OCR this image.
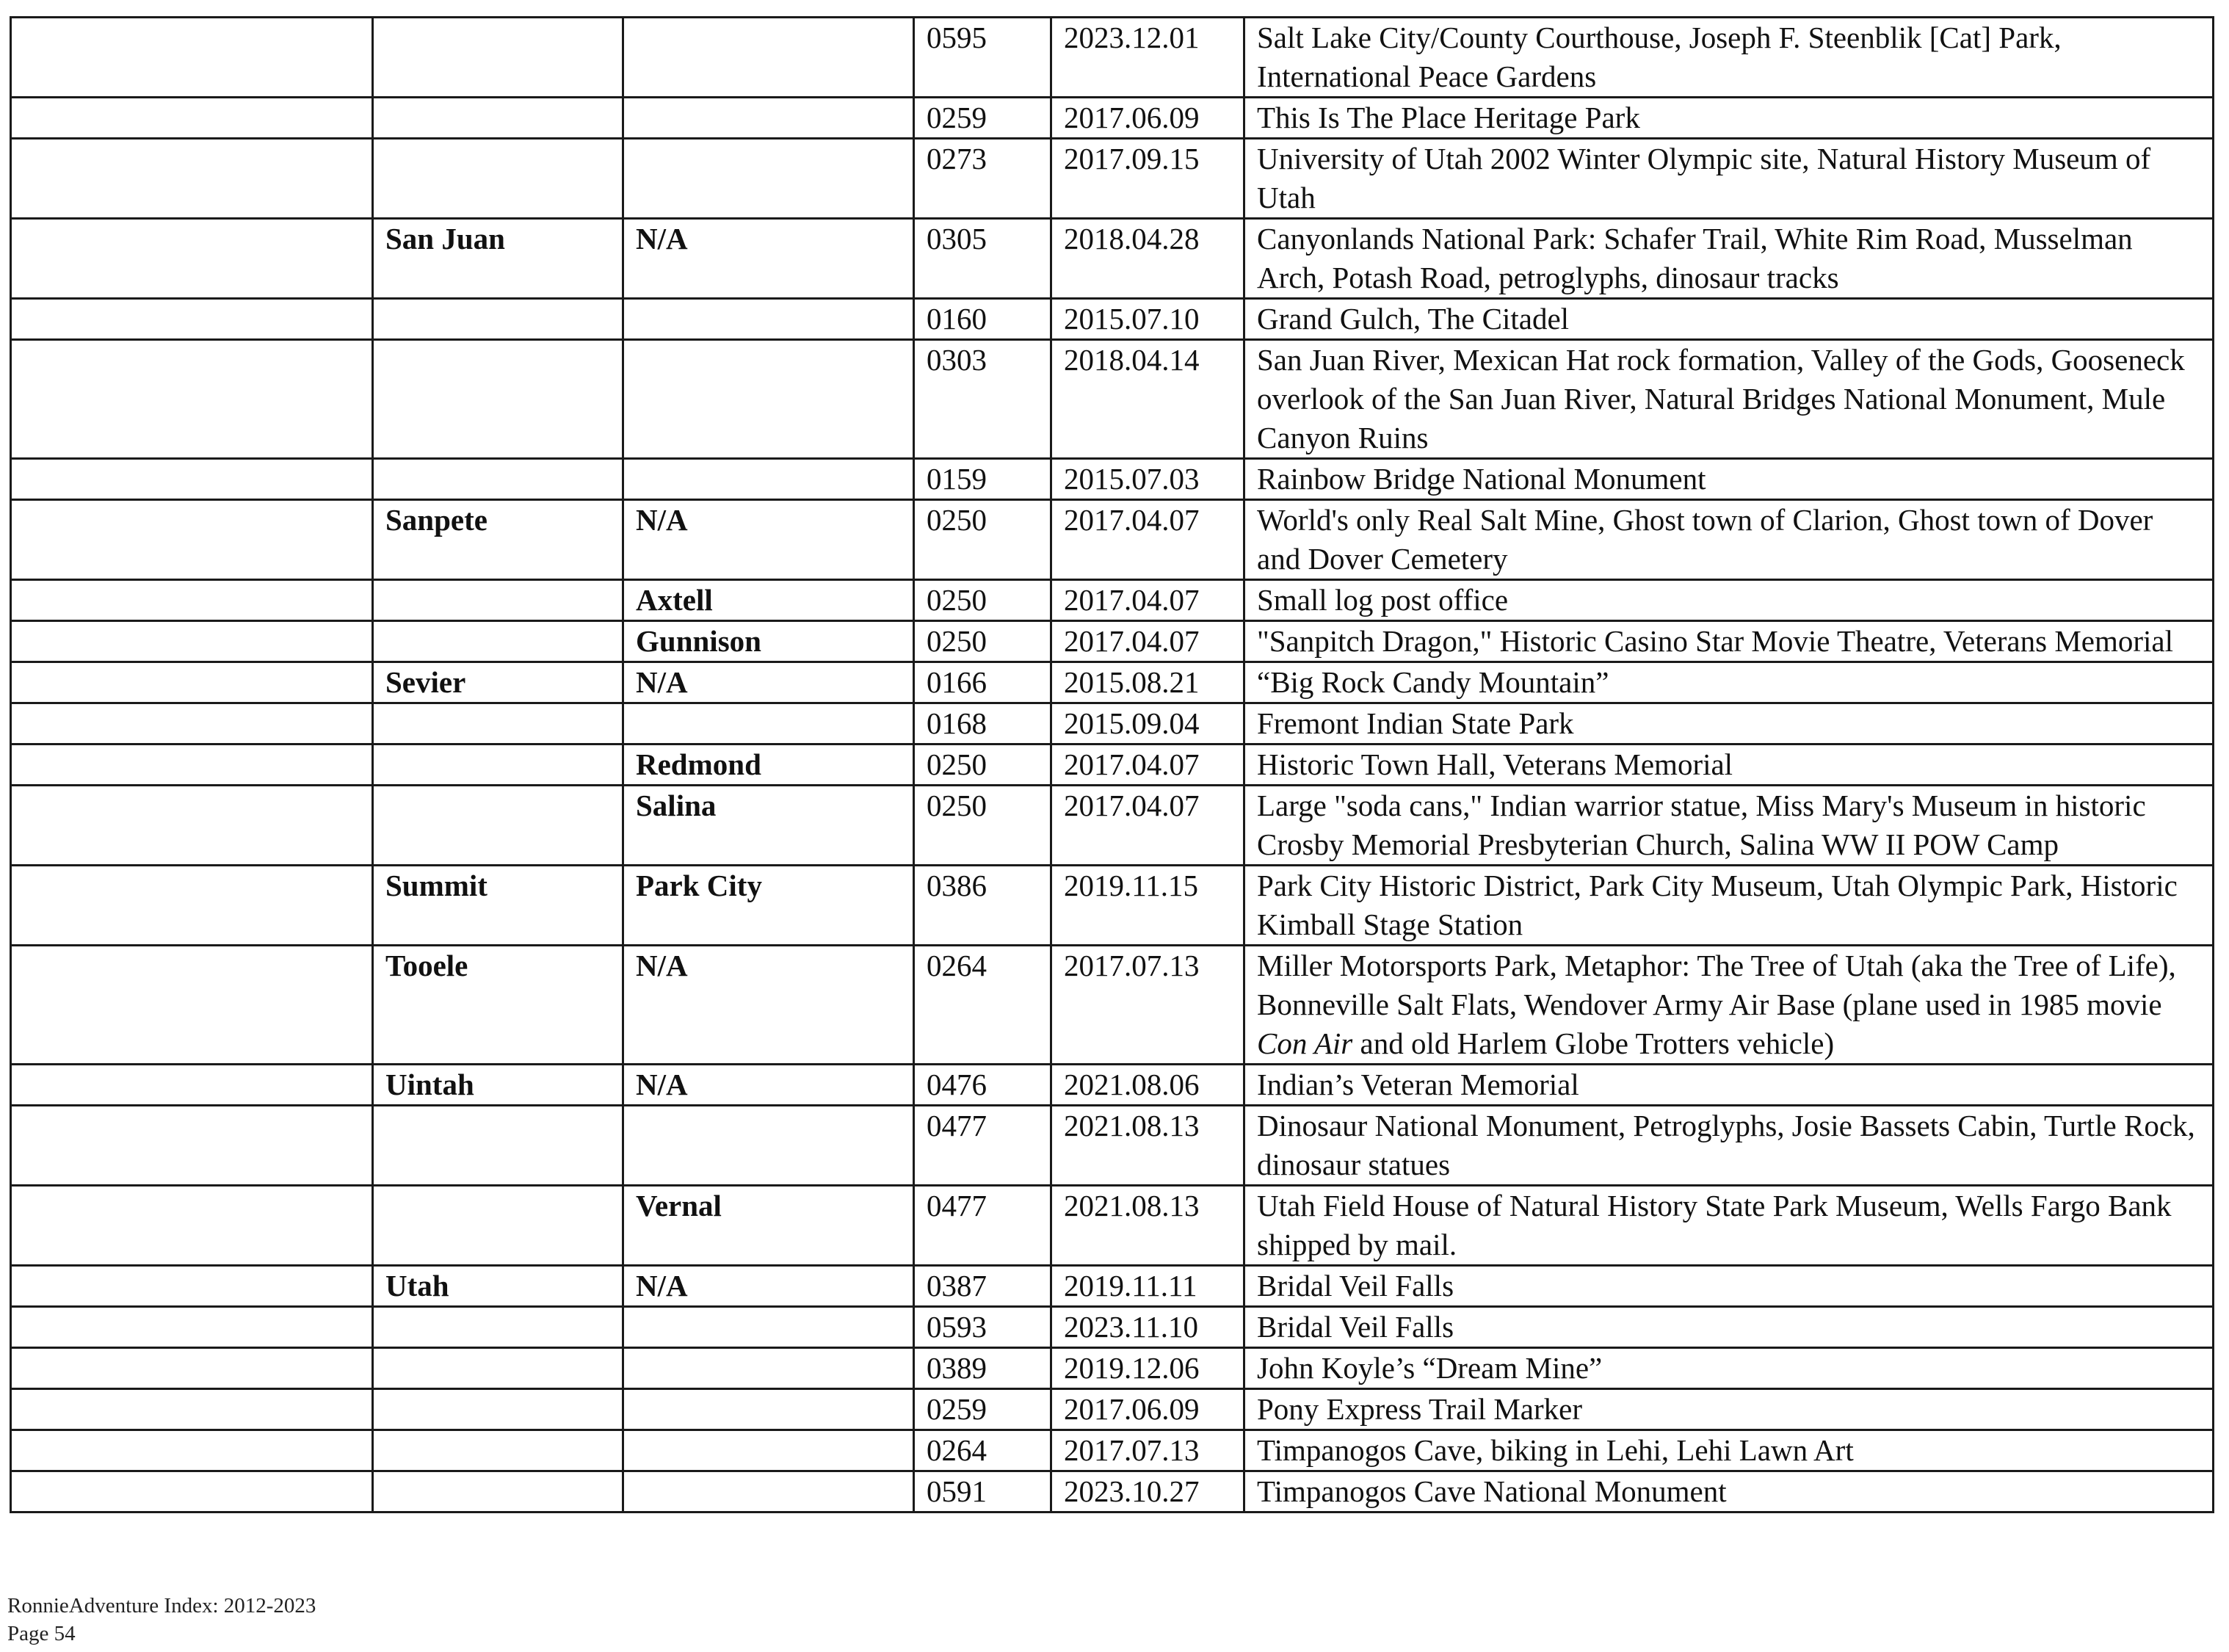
			0595	2023.12.01	Salt Lake City/County Courthouse, Joseph F. Steenblik [Cat] Park, International Peace Gardens
			0259	2017.06.09	This Is The Place Heritage Park
			0273	2017.09.15	University of Utah 2002 Winter Olympic site, Natural History Museum of Utah
	San Juan	N/A	0305	2018.04.28	Canyonlands National Park: Schafer Trail, White Rim Road, Musselman Arch, Potash Road, petroglyphs, dinosaur tracks
			0160	2015.07.10	Grand Gulch, The Citadel
			0303	2018.04.14	San Juan River, Mexican Hat rock formation, Valley of the Gods, Gooseneck overlook of the San Juan River, Natural Bridges National Monument, Mule Canyon Ruins
			0159	2015.07.03	Rainbow Bridge National Monument
	Sanpete	N/A	0250	2017.04.07	World's only Real Salt Mine, Ghost town of Clarion, Ghost town of Dover and Dover Cemetery
		Axtell	0250	2017.04.07	Small log post office
		Gunnison	0250	2017.04.07	"Sanpitch Dragon," Historic Casino Star Movie Theatre, Veterans Memorial
	Sevier	N/A	0166	2015.08.21	“Big Rock Candy Mountain”
			0168	2015.09.04	Fremont Indian State Park
		Redmond	0250	2017.04.07	Historic Town Hall, Veterans Memorial
		Salina	0250	2017.04.07	Large "soda cans," Indian warrior statue, Miss Mary's Museum in historic Crosby Memorial Presbyterian Church, Salina WW II POW Camp
	Summit	Park City	0386	2019.11.15	Park City Historic District, Park City Museum, Utah Olympic Park, Historic Kimball Stage Station
	Tooele	N/A	0264	2017.07.13	Miller Motorsports Park, Metaphor: The Tree of Utah (aka the Tree of Life), Bonneville Salt Flats, Wendover Army Air Base (plane used in 1985 movie Con Air and old Harlem Globe Trotters vehicle)
	Uintah	N/A	0476	2021.08.06	Indian’s Veteran Memorial
			0477	2021.08.13	Dinosaur National Monument, Petroglyphs, Josie Bassets Cabin, Turtle Rock, dinosaur statues
		Vernal	0477	2021.08.13	Utah Field House of Natural History State Park Museum, Wells Fargo Bank shipped by mail.
	Utah	N/A	0387	2019.11.11	Bridal Veil Falls
			0593	2023.11.10	Bridal Veil Falls
			0389	2019.12.06	John Koyle’s “Dream Mine”
			0259	2017.06.09	Pony Express Trail Marker
			0264	2017.07.13	Timpanogos Cave, biking in Lehi, Lehi Lawn Art
			0591	2023.10.27	Timpanogos Cave National Monument
RonnieAdventure Index: 2012-2023
Page 54
